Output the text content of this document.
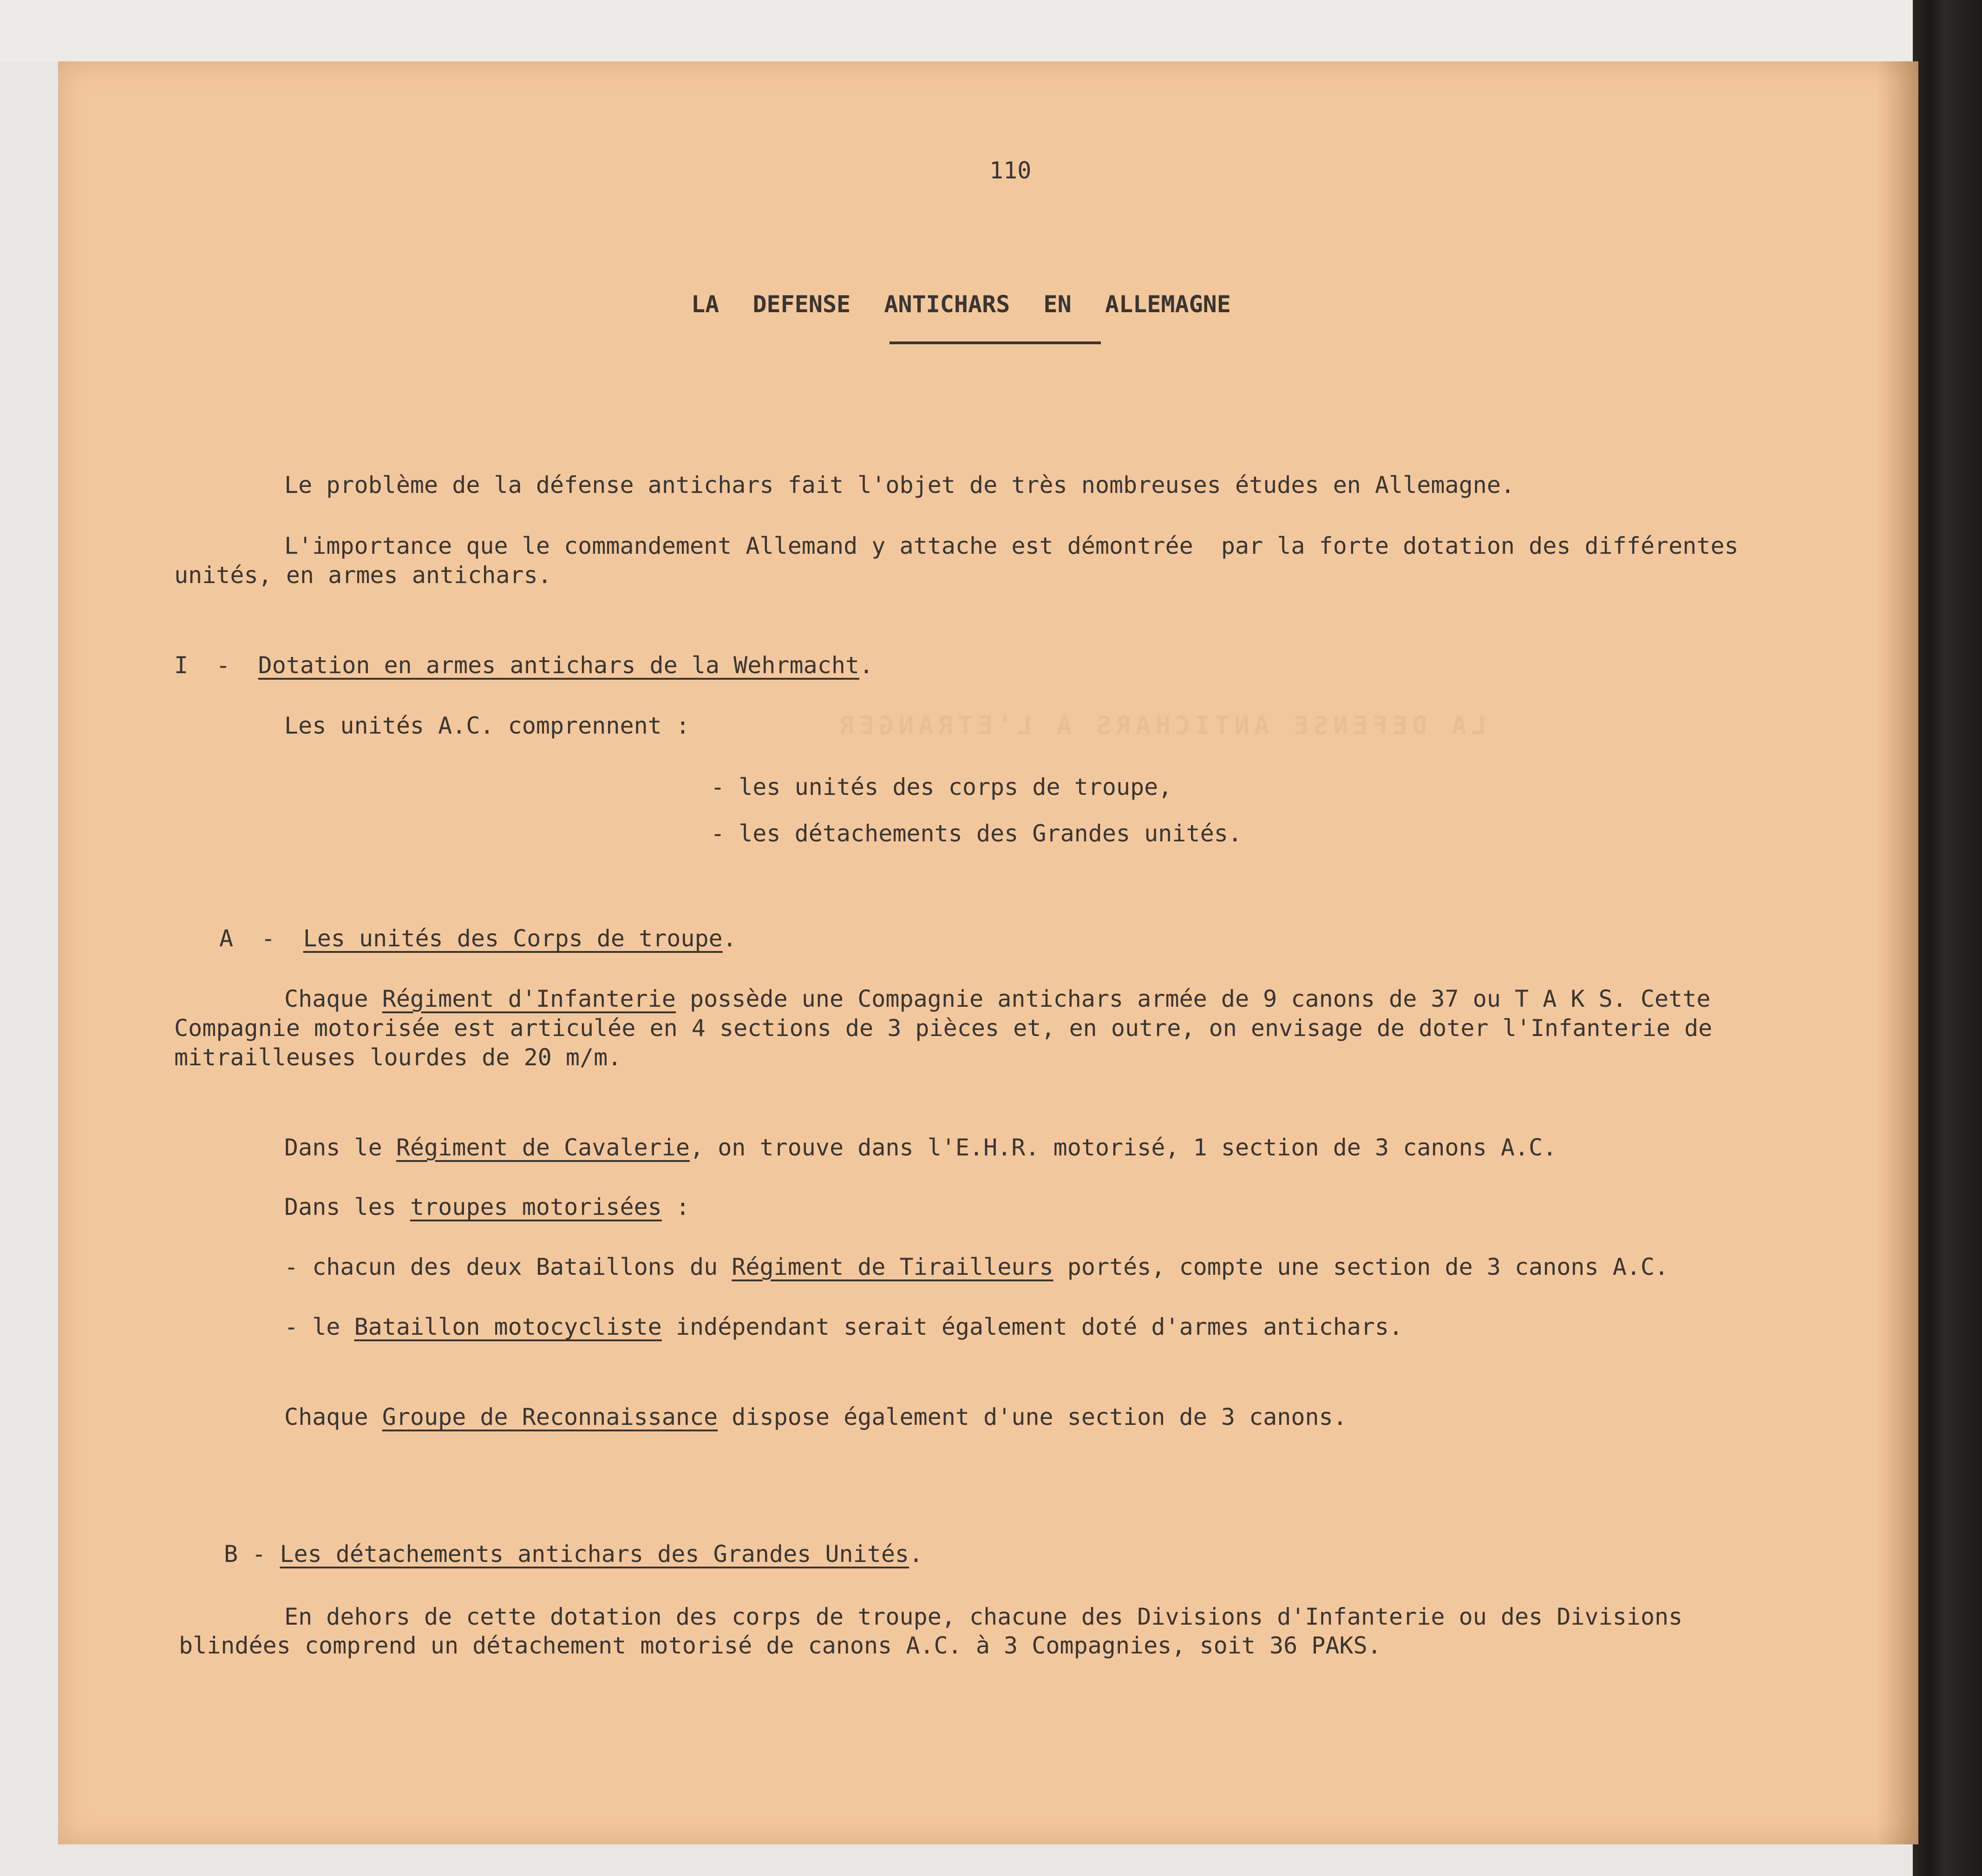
LA DEFENSE ANTICHARS A L'ETRANGER

110

LA DEFENSE ANTICHARS EN ALLEMAGNE

Le problème de la défense antichars fait l'objet de très nombreuses études en Allemagne.

L'importance que le commandement Allemand y attache est démontrée  par la forte dotation des différentes

unités, en armes antichars.

I  -  Dotation en armes antichars de la Wehrmacht.

Les unités A.C. comprennent :

- les unités des corps de troupe,

- les détachements des Grandes unités.

A  -  Les unités des Corps de troupe.

Chaque Régiment d'Infanterie possède une Compagnie antichars armée de 9 canons de 37 ou T A K S. Cette

Compagnie motorisée est articulée en 4 sections de 3 pièces et, en outre, on envisage de doter l'Infanterie de

mitrailleuses lourdes de 20 m/m.

Dans le Régiment de Cavalerie, on trouve dans l'E.H.R. motorisé, 1 section de 3 canons A.C.

Dans les troupes motorisées :

- chacun des deux Bataillons du Régiment de Tirailleurs portés, compte une section de 3 canons A.C.

- le Bataillon motocycliste indépendant serait également doté d'armes antichars.

Chaque Groupe de Reconnaissance dispose également d'une section de 3 canons.

B - Les détachements antichars des Grandes Unités.

En dehors de cette dotation des corps de troupe, chacune des Divisions d'Infanterie ou des Divisions

blindées comprend un détachement motorisé de canons A.C. à 3 Compagnies, soit 36 PAKS.
